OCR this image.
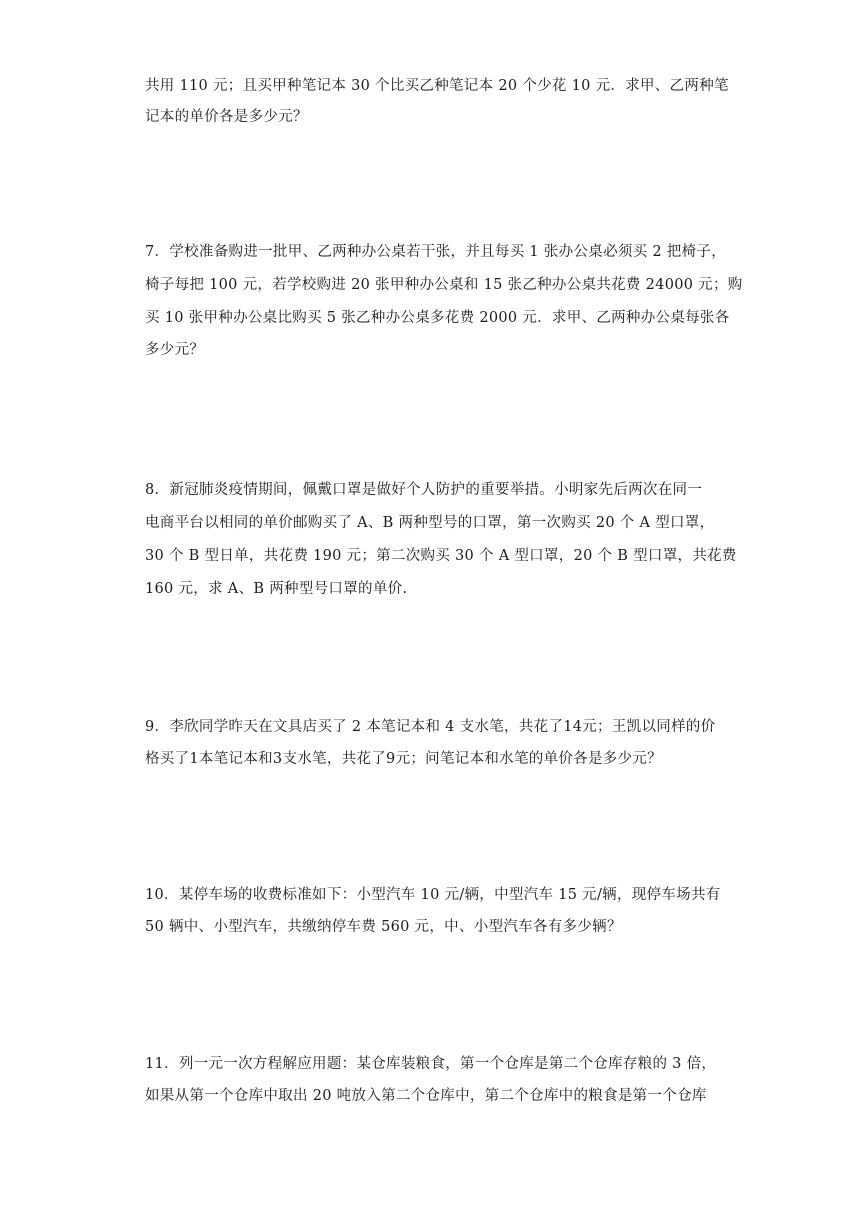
共用 110 元；且买甲种笔记本 30 个比买乙种笔记本 20 个少花 10 元．求甲、乙两种笔
记本的单价各是多少元？
7．学校准备购进一批甲、乙两种办公桌若干张，并且每买 1 张办公桌必须买 2 把椅子，
椅子每把 100 元，若学校购进 20 张甲种办公桌和 15 张乙种办公桌共花费 24000 元；购
买 10 张甲种办公桌比购买 5 张乙种办公桌多花费 2000 元．求甲、乙两种办公桌每张各
多少元？
8．新冠肺炎疫情期间，佩戴口罩是做好个人防护的重要举措。小明家先后两次在同一
电商平台以相同的单价邮购买了 A、B 两种型号的口罩，第一次购买 20 个 A 型口罩，
30 个 B 型日单，共花费 190 元；第二次购买 30 个 A 型口罩，20 个 B 型口罩，共花费
160 元，求 A、B 两种型号口罩的单价.
9．李欣同学昨天在文具店买了 2 本笔记本和 4 支水笔，共花了14元；王凯以同样的价
格买了1本笔记本和3支水笔，共花了9元；问笔记本和水笔的单价各是多少元？
10．某停车场的收费标准如下：小型汽车 10 元/辆，中型汽车 15 元/辆，现停车场共有
50 辆中、小型汽车，共缴纳停车费 560 元，中、小型汽车各有多少辆？
11．列一元一次方程解应用题：某仓库装粮食，第一个仓库是第二个仓库存粮的 3 倍，
如果从第一个仓库中取出 20 吨放入第二个仓库中，第二个仓库中的粮食是第一个仓库
